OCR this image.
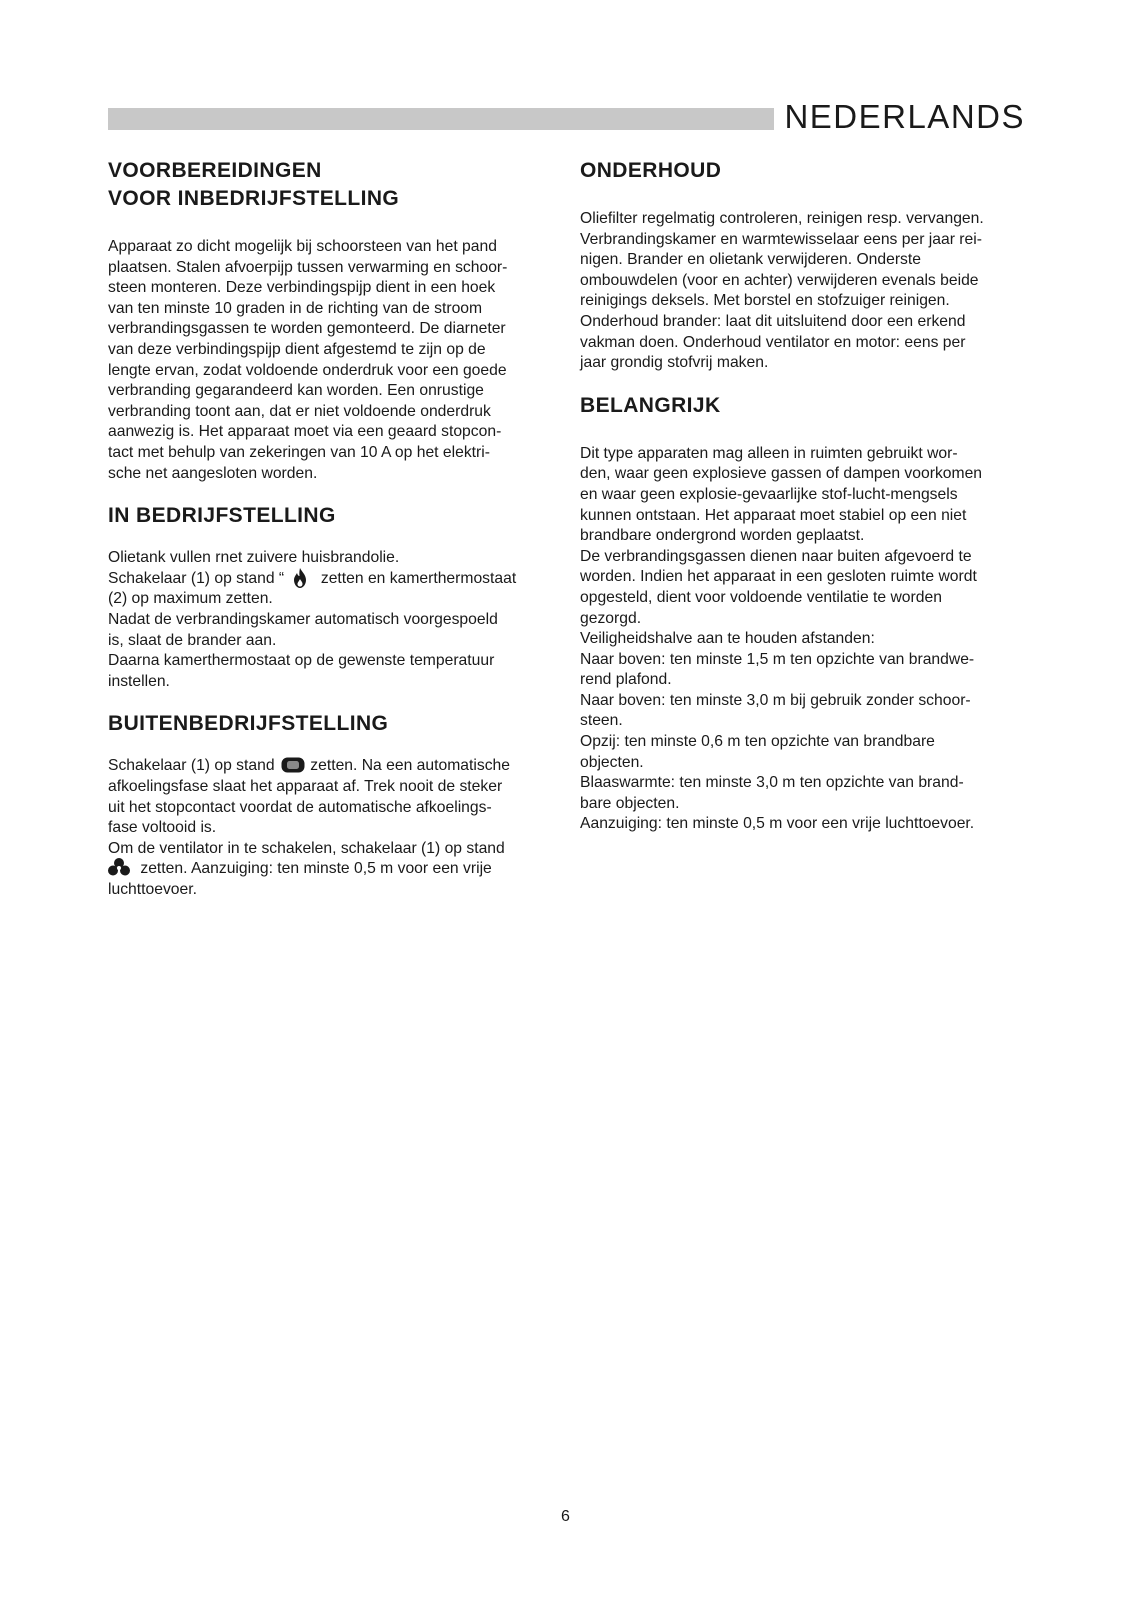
NEDERLANDS
VOORBEREIDINGEN
VOOR INBEDRIJFSTELLING
Apparaat zo dicht mogelijk bij schoorsteen van het pand
plaatsen. Stalen afvoerpijp tussen verwarming en schoor-
steen monteren. Deze verbindingspijp dient in een hoek
van ten minste 10 graden in de richting van de stroom
verbrandingsgassen te worden gemonteerd. De diarneter
van deze verbindingspijp dient afgestemd te zijn op de
lengte ervan, zodat voldoende onderdruk voor een goede
verbranding gegarandeerd kan worden. Een onrustige
verbranding toont aan, dat er niet voldoende onderdruk
aanwezig is. Het apparaat moet via een geaard stopcon-
tact met behulp van zekeringen van 10 A op het elektri-
sche net aangesloten worden.
IN BEDRIJFSTELLING
Olietank vullen rnet zuivere huisbrandolie.
Schakelaar (1) op stand “ zetten en kamerthermostaat
(2) op maximum zetten.
Nadat de verbrandingskamer automatisch voorgespoeld
is, slaat de brander aan.
Daarna kamerthermostaat op de gewenste temperatuur
instellen.
BUITENBEDRIJFSTELLING
Schakelaar (1) op stand zetten. Na een automatische
afkoelingsfase slaat het apparaat af. Trek nooit de steker
uit het stopcontact voordat de automatische afkoelings-
fase voltooid is.
Om de ventilator in te schakelen, schakelaar (1) op stand
zetten. Aanzuiging: ten minste 0,5 m voor een vrije
luchttoevoer.
ONDERHOUD
Oliefilter regelmatig controleren, reinigen resp. vervangen.
Verbrandingskamer en warmtewisselaar eens per jaar rei-
nigen. Brander en olietank verwijderen. Onderste
ombouwdelen (voor en achter) verwijderen evenals beide
reinigings deksels. Met borstel en stofzuiger reinigen.
Onderhoud brander: laat dit uitsluitend door een erkend
vakman doen. Onderhoud ventilator en motor: eens per
jaar grondig stofvrij maken.
BELANGRIJK
Dit type apparaten mag alleen in ruimten gebruikt wor-
den, waar geen explosieve gassen of dampen voorkomen
en waar geen explosie-gevaarlijke stof-lucht-mengsels
kunnen ontstaan. Het apparaat moet stabiel op een niet
brandbare ondergrond worden geplaatst.
De verbrandingsgassen dienen naar buiten afgevoerd te
worden. Indien het apparaat in een gesloten ruimte wordt
opgesteld, dient voor voldoende ventilatie te worden
gezorgd.
Veiligheidshalve aan te houden afstanden:
Naar boven: ten minste 1,5 m ten opzichte van brandwe-
rend plafond.
Naar boven: ten minste 3,0 m bij gebruik zonder schoor-
steen.
Opzij: ten minste 0,6 m ten opzichte van brandbare
objecten.
Blaaswarmte: ten minste 3,0 m ten opzichte van brand-
bare objecten.
Aanzuiging: ten minste 0,5 m voor een vrije luchttoevoer.
6
